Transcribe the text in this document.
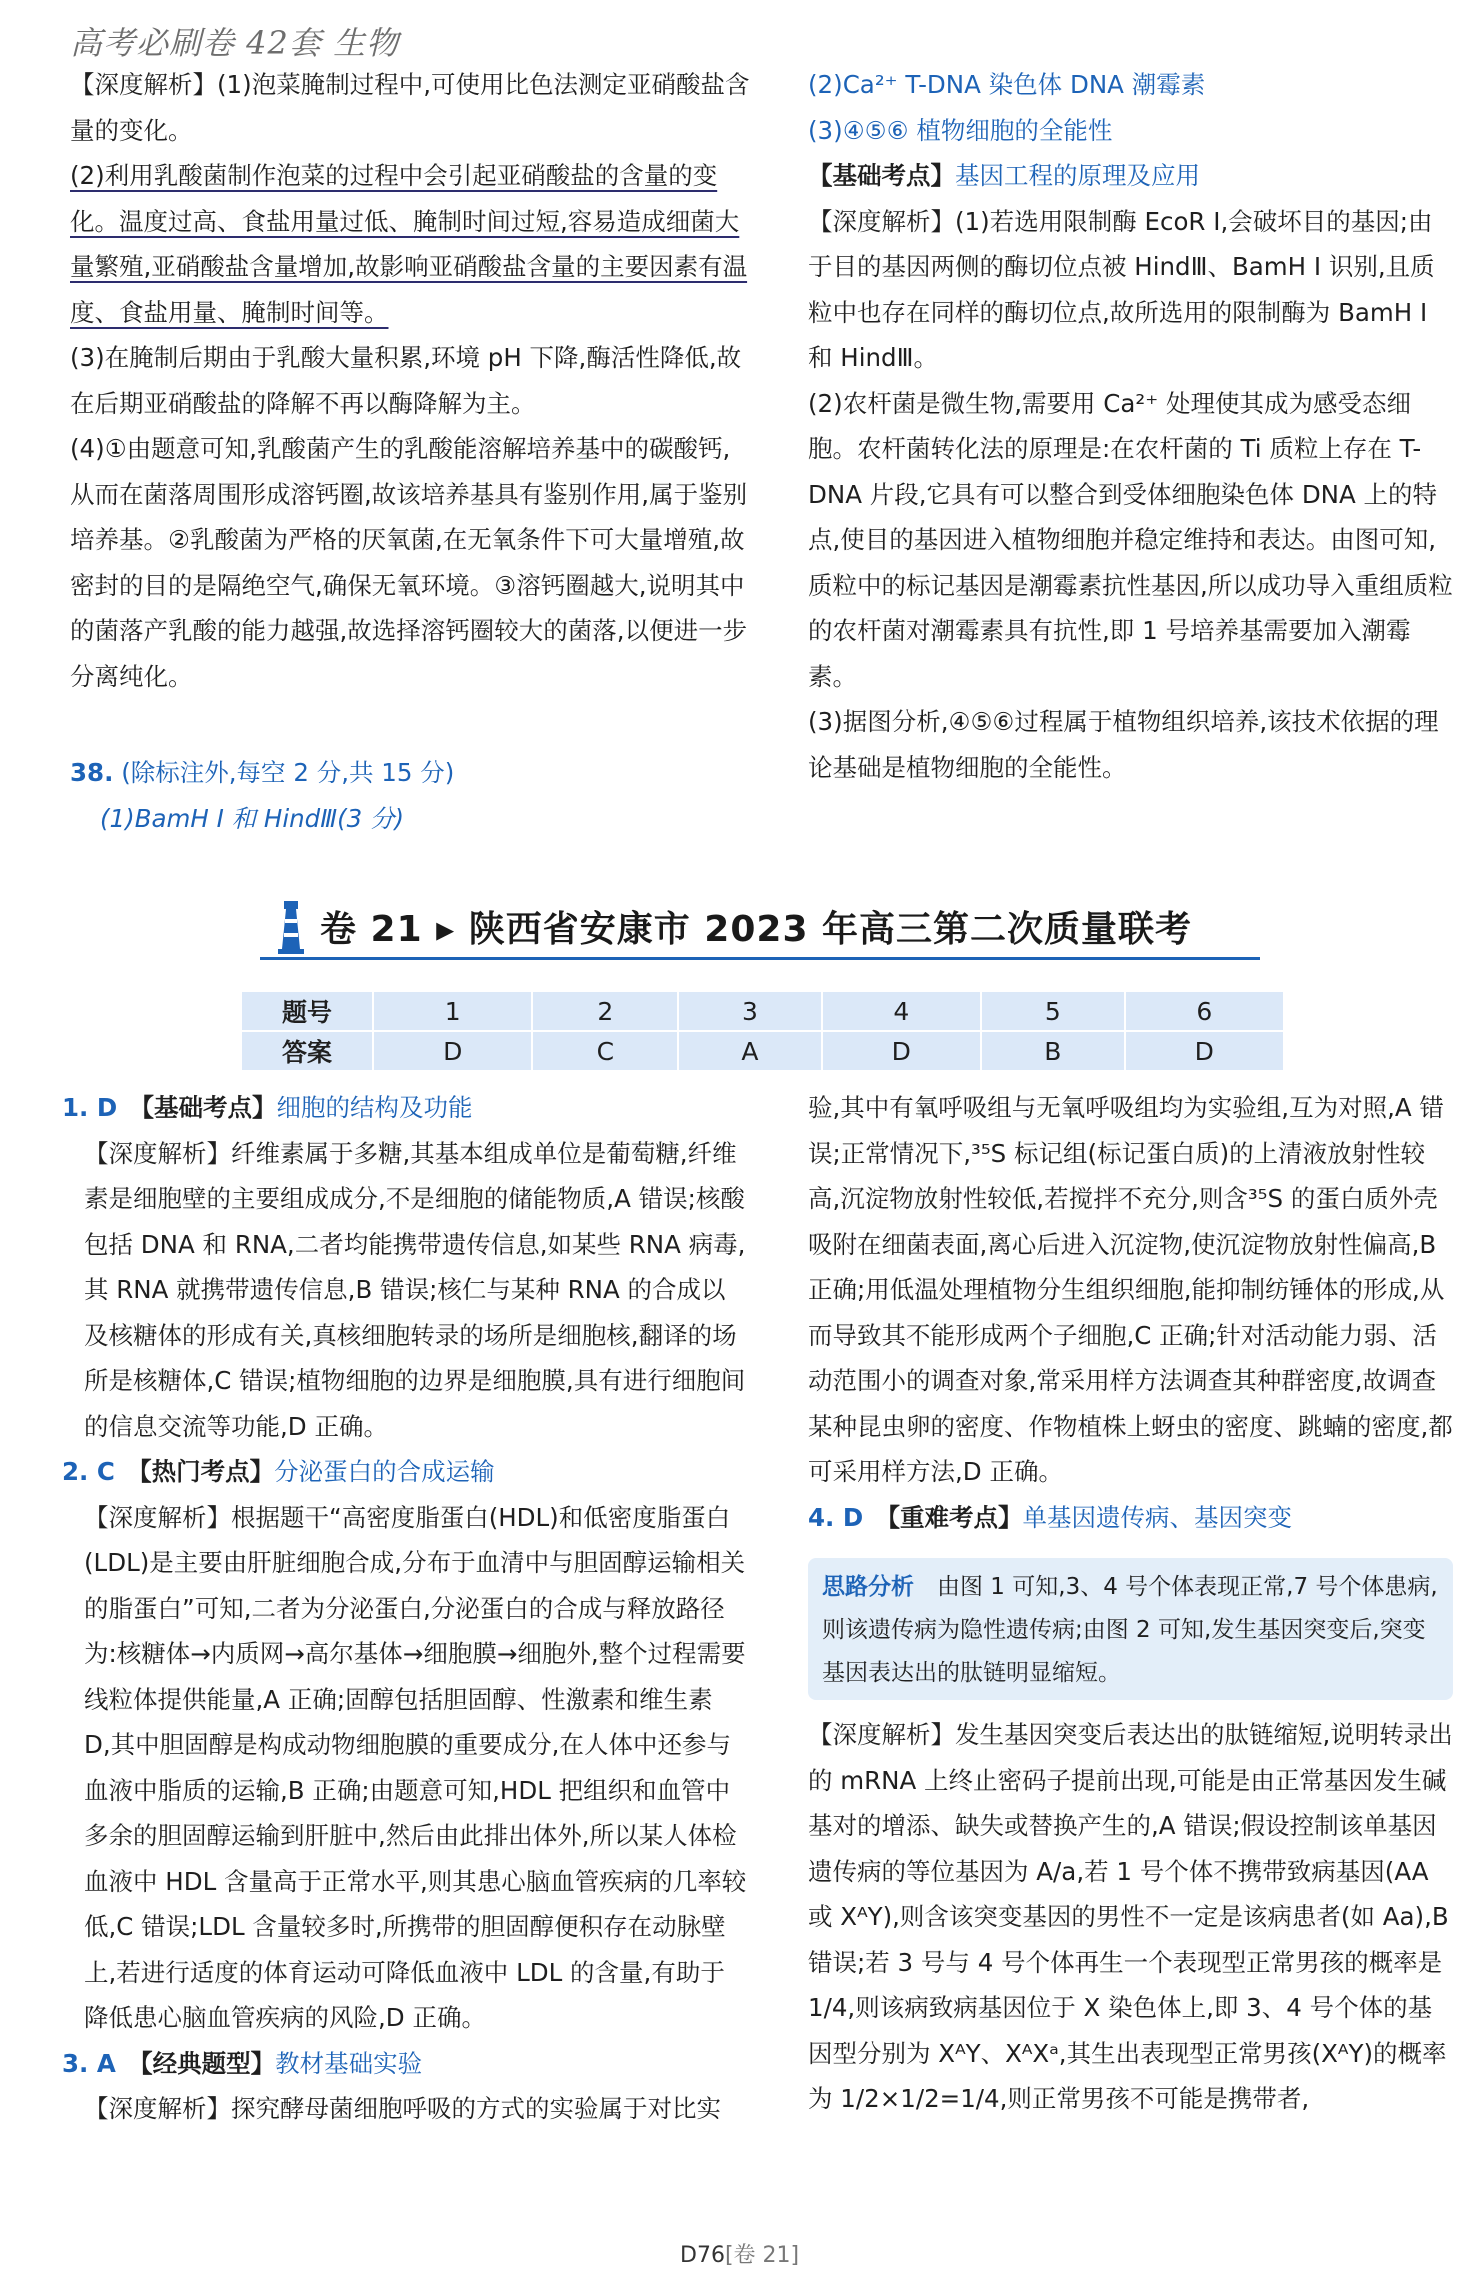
高考必刷卷 42套 生物

【深度解析】(1)泡菜腌制过程中,可使用比色法测定亚硝酸盐含量的变化。

(2)利用乳酸菌制作泡菜的过程中会引起亚硝酸盐的含量的变化。温度过高、食盐用量过低、腌制时间过短,容易造成细菌大量繁殖,亚硝酸盐含量增加,故影响亚硝酸盐含量的主要因素有温度、食盐用量、腌制时间等。

(3)在腌制后期由于乳酸大量积累,环境 pH 下降,酶活性降低,故在后期亚硝酸盐的降解不再以酶降解为主。

(4)①由题意可知,乳酸菌产生的乳酸能溶解培养基中的碳酸钙,从而在菌落周围形成溶钙圈,故该培养基具有鉴别作用,属于鉴别培养基。②乳酸菌为严格的厌氧菌,在无氧条件下可大量增殖,故密封的目的是隔绝空气,确保无氧环境。③溶钙圈越大,说明其中的菌落产乳酸的能力越强,故选择溶钙圈较大的菌落,以便进一步分离纯化。

38. (除标注外,每空 2 分,共 15 分)

(1)BamH Ⅰ 和 HindⅢ(3 分)

(2)Ca²⁺ T-DNA 染色体 DNA 潮霉素

(3)④⑤⑥ 植物细胞的全能性

【基础考点】基因工程的原理及应用

【深度解析】(1)若选用限制酶 EcoR Ⅰ,会破坏目的基因;由于目的基因两侧的酶切位点被 HindⅢ、BamH Ⅰ 识别,且质粒中也存在同样的酶切位点,故所选用的限制酶为 BamH Ⅰ 和 HindⅢ。

(2)农杆菌是微生物,需要用 Ca²⁺ 处理使其成为感受态细胞。农杆菌转化法的原理是:在农杆菌的 Ti 质粒上存在 T-DNA 片段,它具有可以整合到受体细胞染色体 DNA 上的特点,使目的基因进入植物细胞并稳定维持和表达。由图可知,质粒中的标记基因是潮霉素抗性基因,所以成功导入重组质粒的农杆菌对潮霉素具有抗性,即 1 号培养基需要加入潮霉素。

(3)据图分析,④⑤⑥过程属于植物组织培养,该技术依据的理论基础是植物细胞的全能性。

卷 21 ▸ 陕西省安康市 2023 年高三第二次质量联考
题号	1	2	3	4	5	6
答案	D	C	A	D	B	D

1. D　 【基础考点】细胞的结构及功能

【深度解析】纤维素属于多糖,其基本组成单位是葡萄糖,纤维素是细胞壁的主要组成成分,不是细胞的储能物质,A 错误;核酸包括 DNA 和 RNA,二者均能携带遗传信息,如某些 RNA 病毒,其 RNA 就携带遗传信息,B 错误;核仁与某种 RNA 的合成以及核糖体的形成有关,真核细胞转录的场所是细胞核,翻译的场所是核糖体,C 错误;植物细胞的边界是细胞膜,具有进行细胞间的信息交流等功能,D 正确。

2. C　 【热门考点】分泌蛋白的合成运输

【深度解析】根据题干“高密度脂蛋白(HDL)和低密度脂蛋白(LDL)是主要由肝脏细胞合成,分布于血清中与胆固醇运输相关的脂蛋白”可知,二者为分泌蛋白,分泌蛋白的合成与释放路径为:核糖体→内质网→高尔基体→细胞膜→细胞外,整个过程需要线粒体提供能量,A 正确;固醇包括胆固醇、性激素和维生素 D,其中胆固醇是构成动物细胞膜的重要成分,在人体中还参与血液中脂质的运输,B 正确;由题意可知,HDL 把组织和血管中多余的胆固醇运输到肝脏中,然后由此排出体外,所以某人体检血液中 HDL 含量高于正常水平,则其患心脑血管疾病的几率较低,C 错误;LDL 含量较多时,所携带的胆固醇便积存在动脉壁上,若进行适度的体育运动可降低血液中 LDL 的含量,有助于降低患心脑血管疾病的风险,D 正确。

3. A　 【经典题型】教材基础实验

【深度解析】探究酵母菌细胞呼吸的方式的实验属于对比实

验,其中有氧呼吸组与无氧呼吸组均为实验组,互为对照,A 错误;正常情况下,³⁵S 标记组(标记蛋白质)的上清液放射性较高,沉淀物放射性较低,若搅拌不充分,则含³⁵S 的蛋白质外壳吸附在细菌表面,离心后进入沉淀物,使沉淀物放射性偏高,B 正确;用低温处理植物分生组织细胞,能抑制纺锤体的形成,从而导致其不能形成两个子细胞,C 正确;针对活动能力弱、活动范围小的调查对象,常采用样方法调查其种群密度,故调查某种昆虫卵的密度、作物植株上蚜虫的密度、跳蝻的密度,都可采用样方法,D 正确。

4. D　 【重难考点】单基因遗传病、基因突变

思路分析　 由图 1 可知,3、4 号个体表现正常,7 号个体患病,则该遗传病为隐性遗传病;由图 2 可知,发生基因突变后,突变基因表达出的肽链明显缩短。

【深度解析】发生基因突变后表达出的肽链缩短,说明转录出的 mRNA 上终止密码子提前出现,可能是由正常基因发生碱基对的增添、缺失或替换产生的,A 错误;假设控制该单基因遗传病的等位基因为 A/a,若 1 号个体不携带致病基因(AA 或 XᴬY),则含该突变基因的男性不一定是该病患者(如 Aa),B 错误;若 3 号与 4 号个体再生一个表现型正常男孩的概率是 1/4,则该病致病基因位于 X 染色体上,即 3、4 号个体的基因型分别为 XᴬY、XᴬXᵃ,其生出表现型正常男孩(XᴬY)的概率为 1/2×1/2=1/4,则正常男孩不可能是携带者,

D76[卷 21]
